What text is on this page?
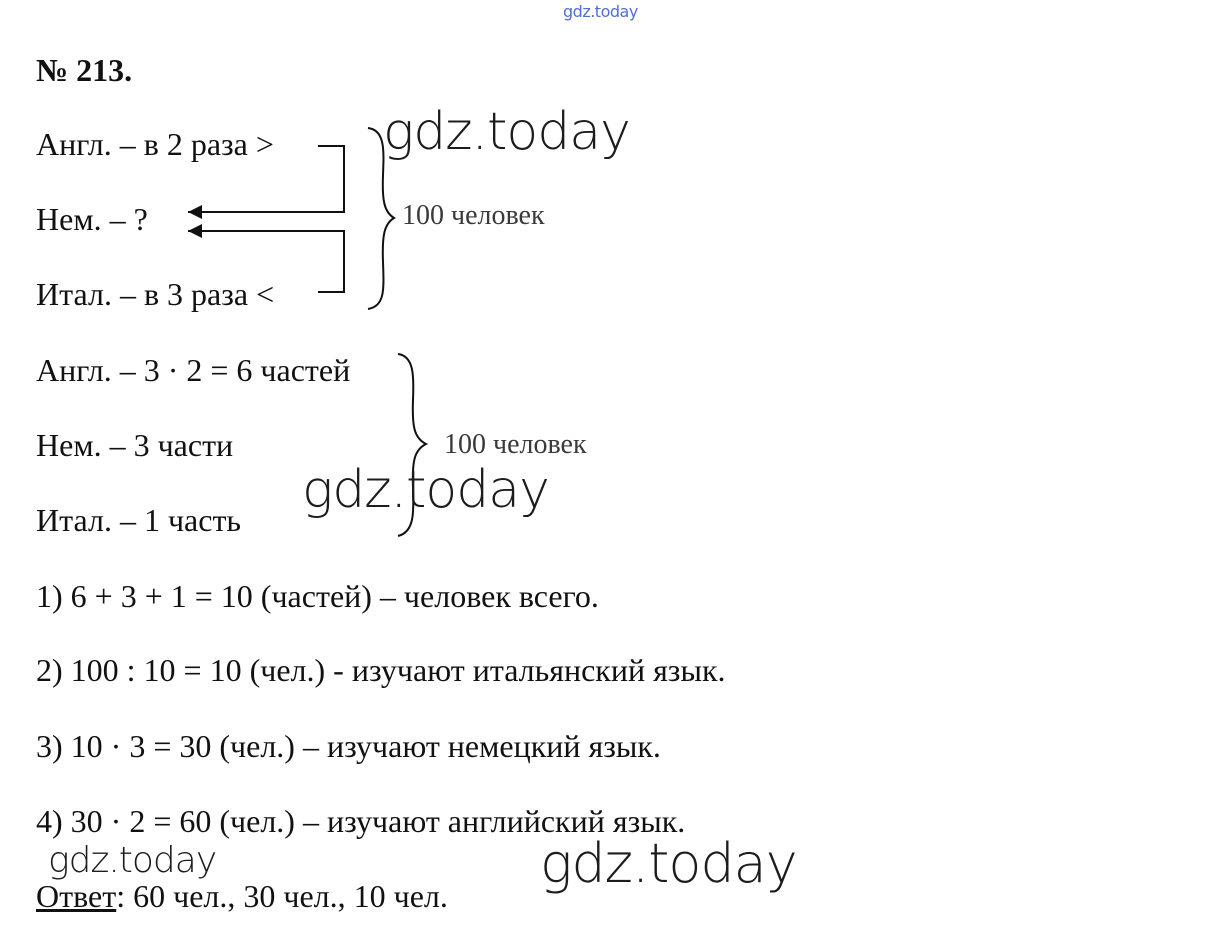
gdz.today
№ 213.
Англ. – в 2 раза >
Нем. – ?
Итал. – в 3 раза <
100 человек
Англ. – 3 · 2 = 6 частей
Нем. – 3 части
Итал. – 1 часть
100 человек
1) 6 + 3 + 1 = 10 (частей) – человек всего.
2) 100 : 10 = 10 (чел.) - изучают итальянский язык.
3) 10 · 3 = 30 (чел.) – изучают немецкий язык.
4) 30 · 2 = 60 (чел.) – изучают английский язык.
Ответ: 60 чел., 30 чел., 10 чел.
gdz.today
gdz.today
gdz.today	gdz.today
